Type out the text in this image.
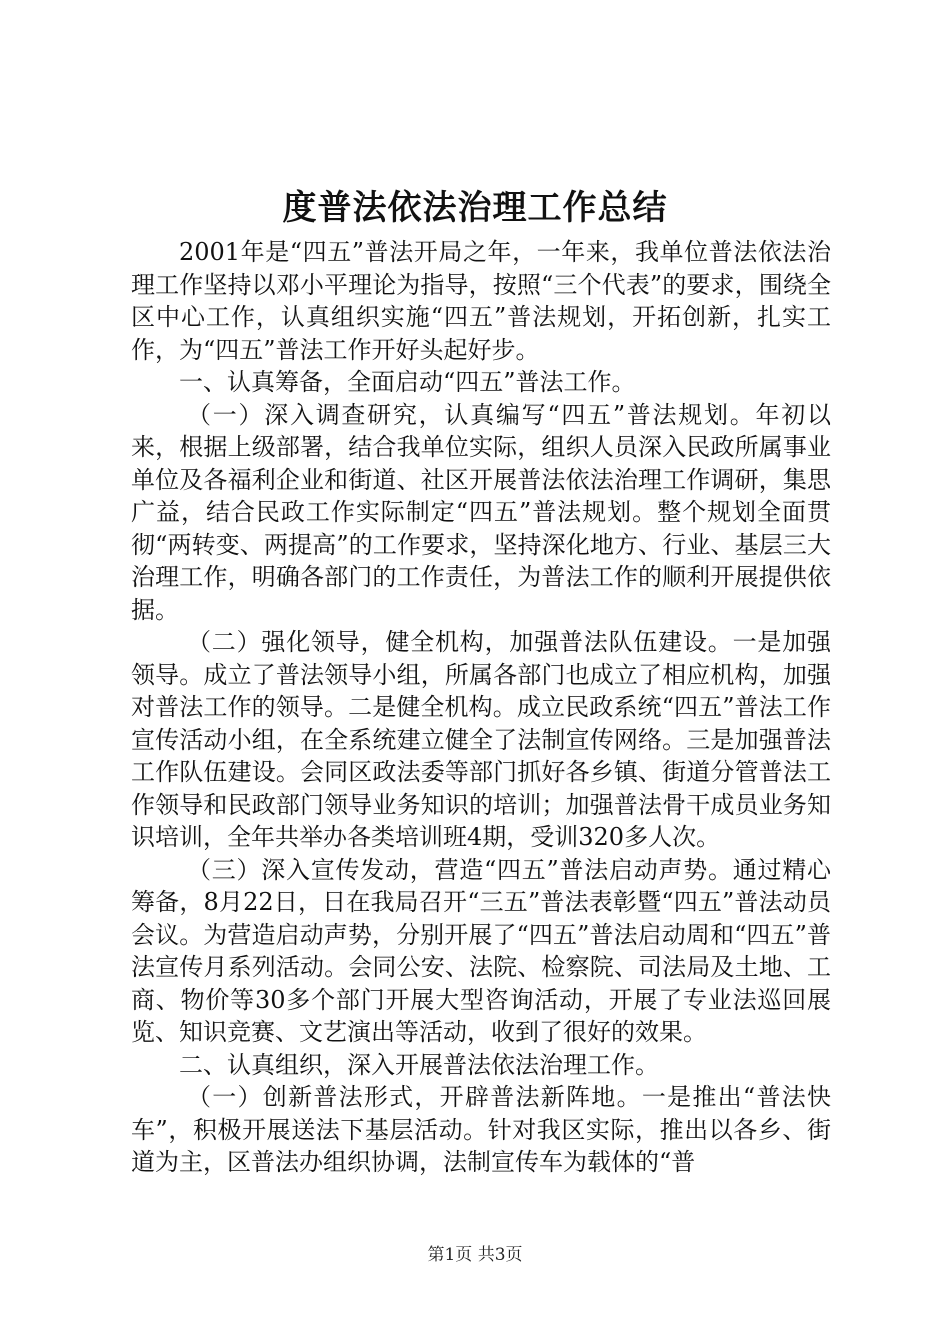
度普法依法治理工作总结

2001年是“四五”普法开局之年，一年来，我单位普法依法治理工作坚持以邓小平理论为指导，按照“三个代表”的要求，围绕全区中心工作，认真组织实施“四五”普法规划，开拓创新，扎实工作，为“四五”普法工作开好头起好步。

一、认真筹备，全面启动“四五”普法工作。

（一）深入调查研究，认真编写“四五”普法规划。年初以来，根据上级部署，结合我单位实际，组织人员深入民政所属事业单位及各福利企业和街道、社区开展普法依法治理工作调研，集思广益，结合民政工作实际制定“四五”普法规划。整个规划全面贯彻“两转变、两提高”的工作要求，坚持深化地方、行业、基层三大治理工作，明确各部门的工作责任，为普法工作的顺利开展提供依据。

（二）强化领导，健全机构，加强普法队伍建设。一是加强领导。成立了普法领导小组，所属各部门也成立了相应机构，加强对普法工作的领导。二是健全机构。成立民政系统“四五”普法工作宣传活动小组，在全系统建立健全了法制宣传网络。三是加强普法工作队伍建设。会同区政法委等部门抓好各乡镇、街道分管普法工作领导和民政部门领导业务知识的培训；加强普法骨干成员业务知识培训，全年共举办各类培训班4期，受训320多人次。

（三）深入宣传发动，营造“四五”普法启动声势。通过精心筹备，8月22日，日在我局召开“三五”普法表彰暨“四五”普法动员会议。为营造启动声势，分别开展了“四五”普法启动周和“四五”普法宣传月系列活动。会同公安、法院、检察院、司法局及土地、工商、物价等30多个部门开展大型咨询活动，开展了专业法巡回展览、知识竞赛、文艺演出等活动，收到了很好的效果。

二、认真组织，深入开展普法依法治理工作。

（一）创新普法形式，开辟普法新阵地。一是推出“普法快车”，积极开展送法下基层活动。针对我区实际，推出以各乡、街道为主，区普法办组织协调，法制宣传车为载体的“普

第1页 共3页
